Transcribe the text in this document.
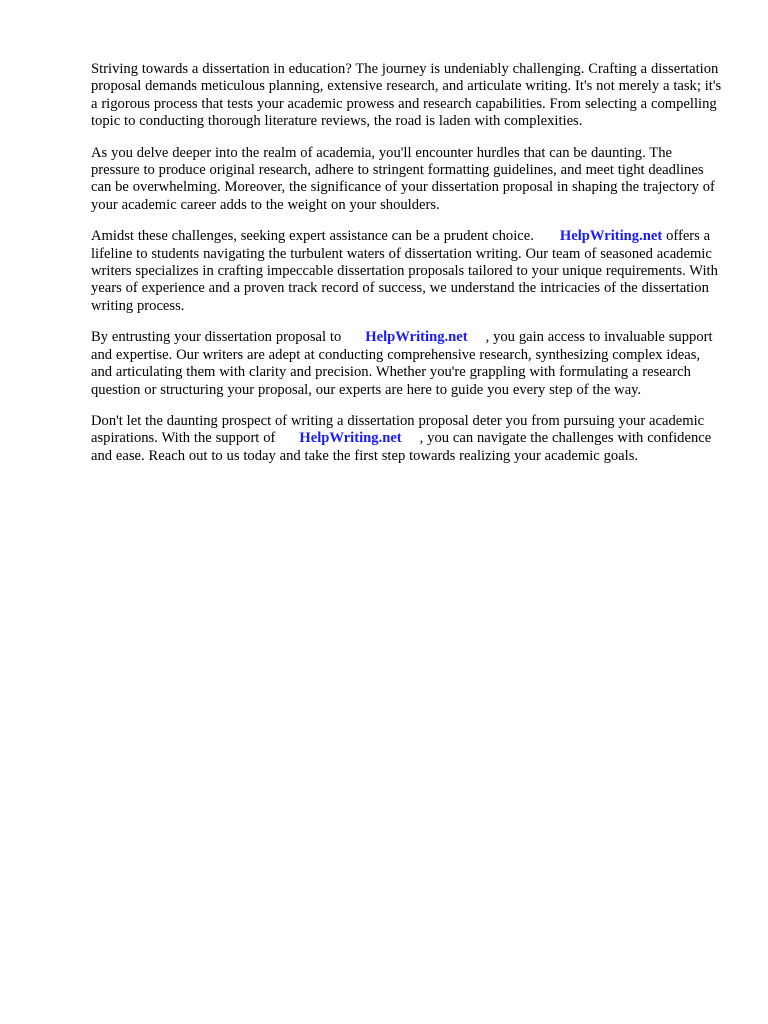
Striving towards a dissertation in education? The journey is undeniably challenging. Crafting a dissertation proposal demands meticulous planning, extensive research, and articulate writing. It's not merely a task; it's a rigorous process that tests your academic prowess and research capabilities. From selecting a compelling topic to conducting thorough literature reviews, the road is laden with complexities.

As you delve deeper into the realm of academia, you'll encounter hurdles that can be daunting. The pressure to produce original research, adhere to stringent formatting guidelines, and meet tight deadlines can be overwhelming. Moreover, the significance of your dissertation proposal in shaping the trajectory of your academic career adds to the weight on your shoulders.

Amidst these challenges, seeking expert assistance can be a prudent choice. HelpWriting.net offers a lifeline to students navigating the turbulent waters of dissertation writing. Our team of seasoned academic writers specializes in crafting impeccable dissertation proposals tailored to your unique requirements. With years of experience and a proven track record of success, we understand the intricacies of the dissertation writing process.

By entrusting your dissertation proposal to HelpWriting.net , you gain access to invaluable support and expertise. Our writers are adept at conducting comprehensive research, synthesizing complex ideas, and articulating them with clarity and precision. Whether you're grappling with formulating a research question or structuring your proposal, our experts are here to guide you every step of the way.

Don't let the daunting prospect of writing a dissertation proposal deter you from pursuing your academic aspirations. With the support of HelpWriting.net , you can navigate the challenges with confidence and ease. Reach out to us today and take the first step towards realizing your academic goals.
